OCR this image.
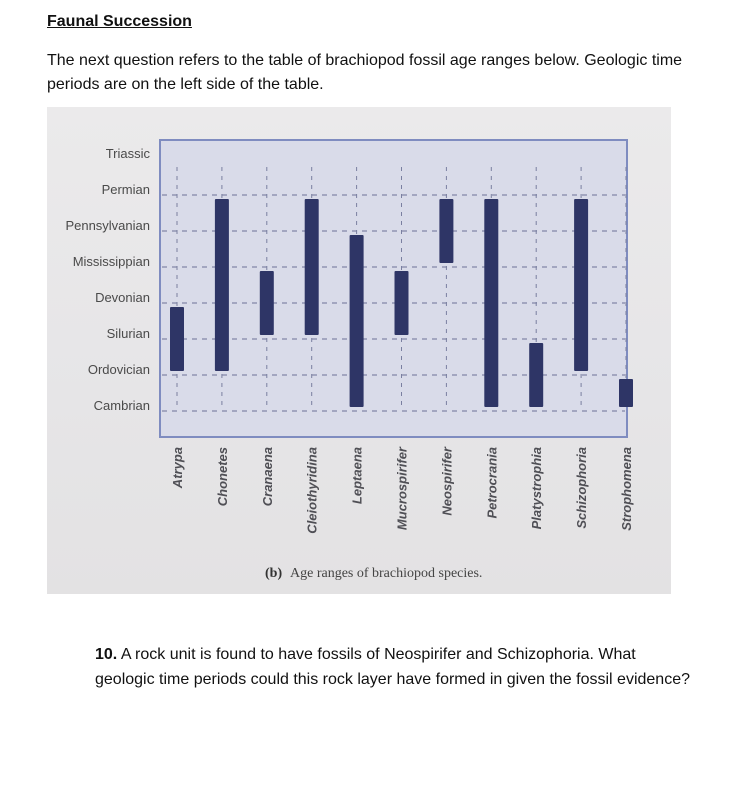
Faunal Succession
The next question refers to the table of brachiopod fossil age ranges below. Geologic time periods are on the left side of the table.
Triassic
Permian
Pennsylvanian
Mississippian
Devonian
Silurian
Ordovician
Cambrian
Atrypa Chonetes Cranaena Cleiothyridina Leptaena Mucrospirifer Neospirifer Petrocrania Platystrophia Schizophoria Strophomena
(b) Age ranges of brachiopod species.
10. A rock unit is found to have fossils of Neospirifer and Schizophoria. What geologic time periods could this rock layer have formed in given the fossil evidence?
